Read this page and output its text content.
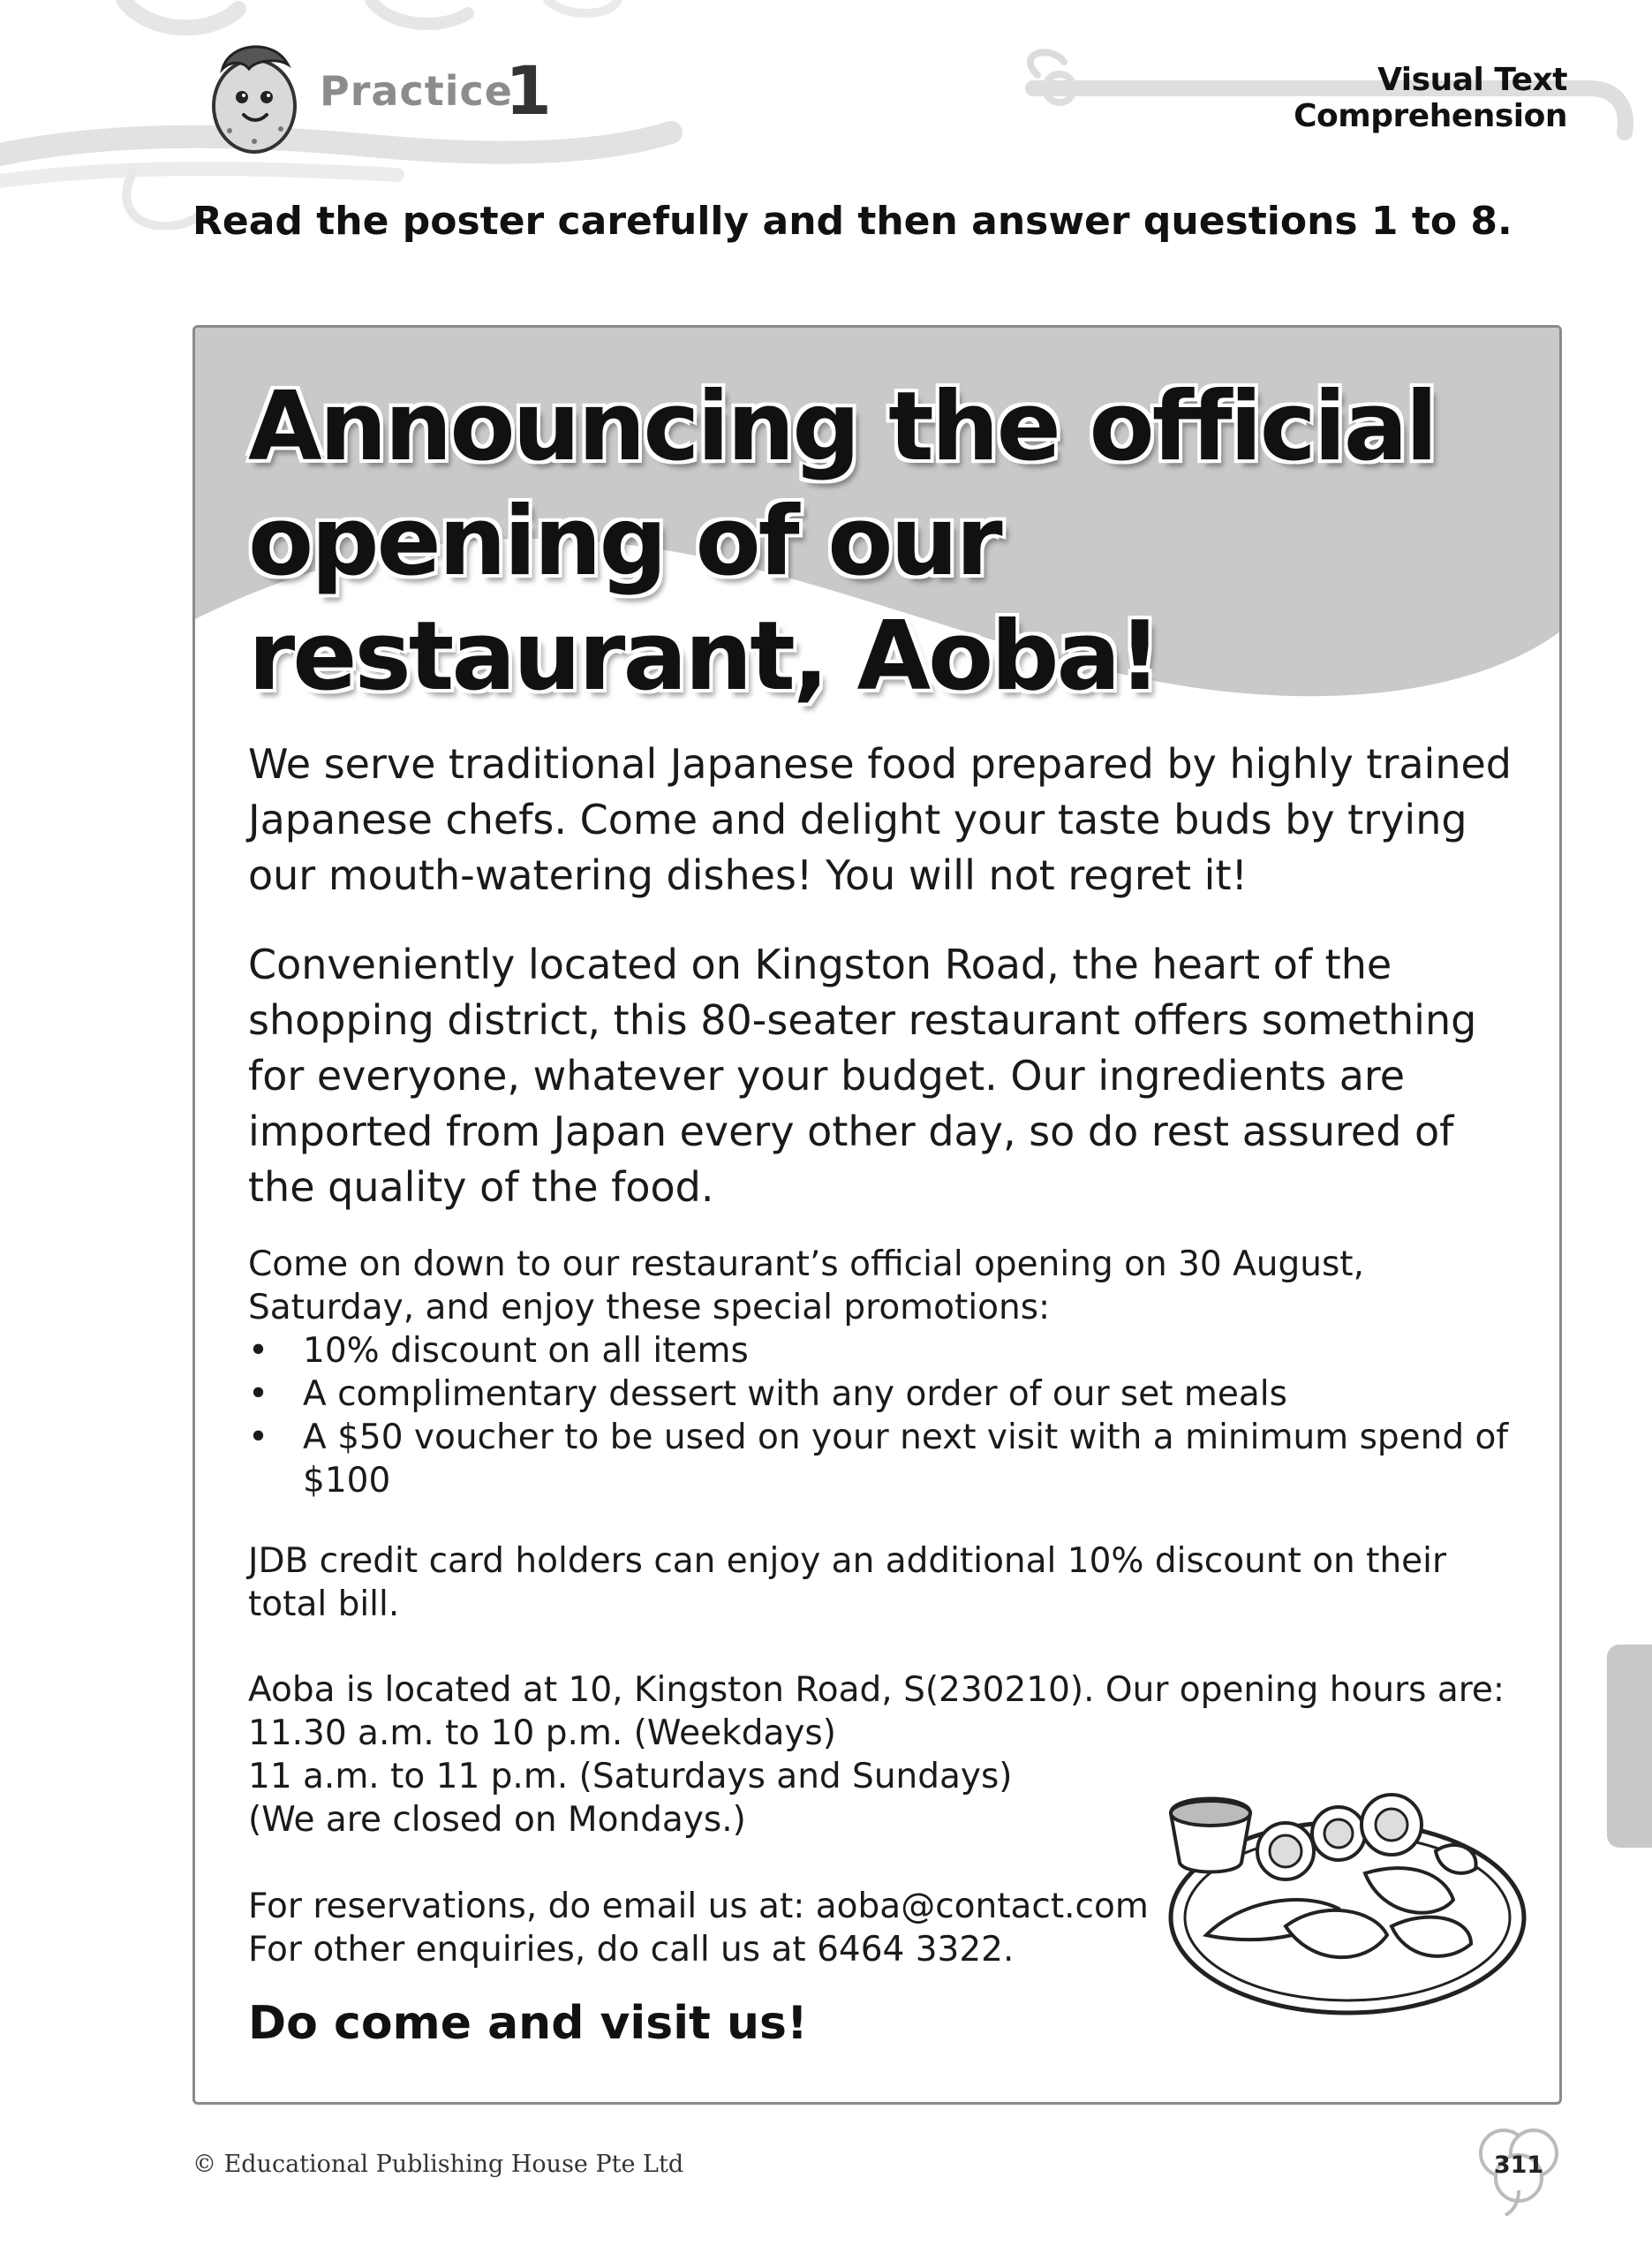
Practice
1	Visual Text Comprehension
Read the poster carefully and then answer questions 1 to 8.
Announcing the official opening of our restaurant, Aoba!
We serve traditional Japanese food prepared by highly trained Japanese chefs. Come and delight your taste buds by trying our mouth-watering dishes! You will not regret it!
Conveniently located on Kingston Road, the heart of the shopping district, this 80-seater restaurant offers something for everyone, whatever your budget. Our ingredients are imported from Japan every other day, so do rest assured of the quality of the food.
Come on down to our restaurant’s official opening on 30 August, Saturday, and enjoy these special promotions:
• 10% discount on all items
• A complimentary dessert with any order of our set meals
• A $50 voucher to be used on your next visit with a minimum spend of $100
JDB credit card holders can enjoy an additional 10% discount on their total bill.
Aoba is located at 10, Kingston Road, S(230210). Our opening hours are:
11.30 a.m. to 10 p.m. (Weekdays)
11 a.m. to 11 p.m. (Saturdays and Sundays)
(We are closed on Mondays.)
For reservations, do email us at: aoba@contact.com
For other enquiries, do call us at 6464 3322.
Do come and visit us!
© Educational Publishing House Pte Ltd	311
